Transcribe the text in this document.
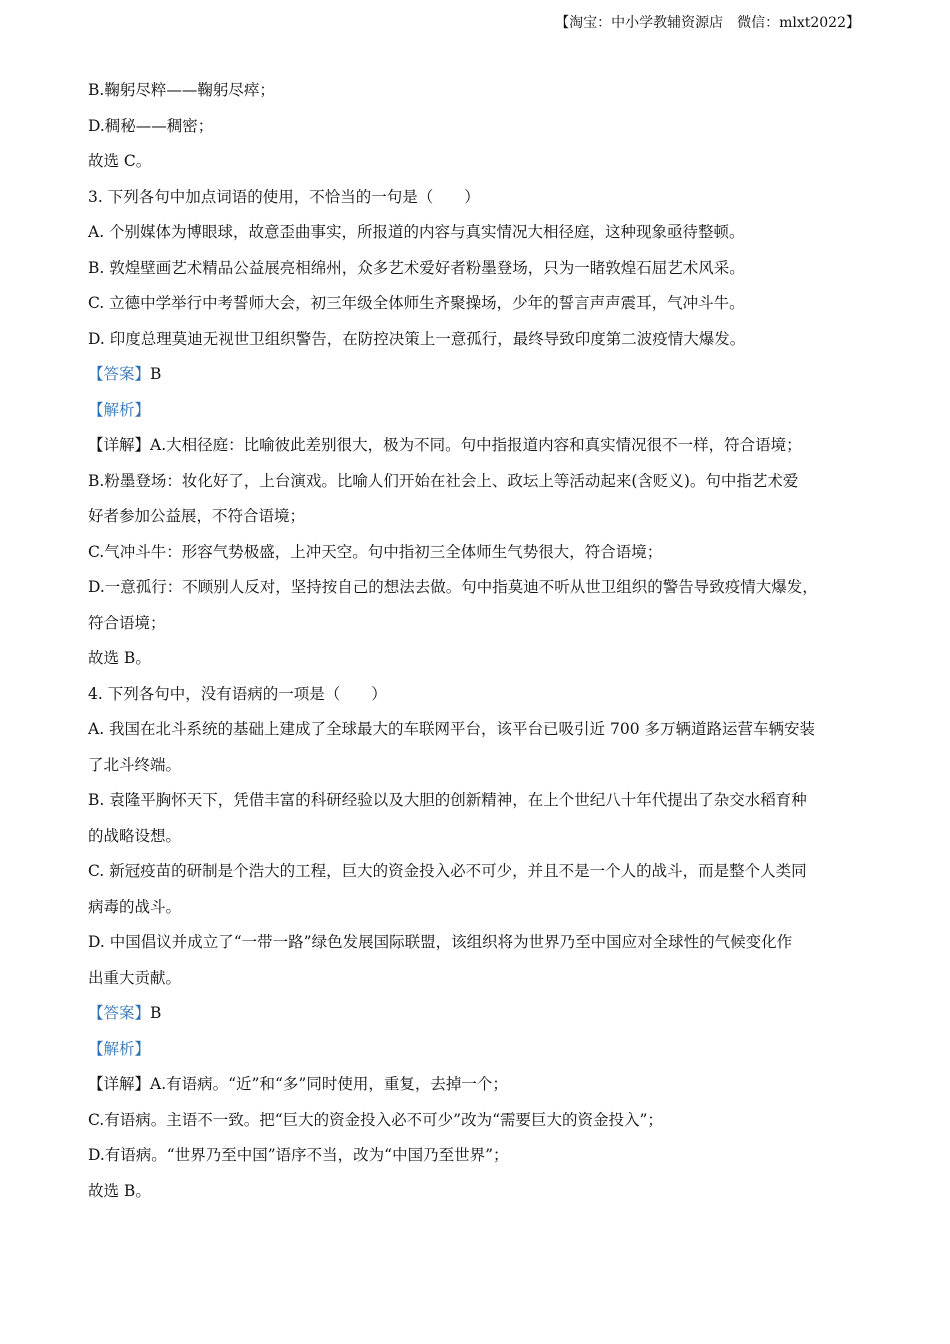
【淘宝：中小学教辅资源店　微信：mlxt2022】
B.鞠躬尽粹——鞠躬尽瘁；
D.稠秘——稠密；
故选 C。
3. 下列各句中加点词语的使用，不恰当的一句是（　　）
A. 个别媒体为博眼球，故意歪曲事实，所报道的内容与真实情况大相径庭，这种现象亟待整顿。
B. 敦煌壁画艺术精品公益展亮相绵州，众多艺术爱好者粉墨登场，只为一睹敦煌石屈艺术风采。
C. 立德中学举行中考誓师大会，初三年级全体师生齐聚操场，少年的誓言声声震耳，气冲斗牛。
D. 印度总理莫迪无视世卫组织警告，在防控决策上一意孤行，最终导致印度第二波疫情大爆发。
【答案】B
【解析】
【详解】A.大相径庭：比喻彼此差别很大，极为不同。句中指报道内容和真实情况很不一样，符合语境；
B.粉墨登场：妆化好了，上台演戏。比喻人们开始在社会上、政坛上等活动起来(含贬义)。句中指艺术爱
好者参加公益展，不符合语境；
C.气冲斗牛：形容气势极盛，上冲天空。句中指初三全体师生气势很大，符合语境；
D.一意孤行：不顾别人反对，坚持按自己的想法去做。句中指莫迪不听从世卫组织的警告导致疫情大爆发，
符合语境；
故选 B。
4. 下列各句中，没有语病的一项是（　　）
A. 我国在北斗系统的基础上建成了全球最大的车联网平台，该平台已吸引近 700 多万辆道路运营车辆安装
了北斗终端。
B. 袁隆平胸怀天下，凭借丰富的科研经验以及大胆的创新精神，在上个世纪八十年代提出了杂交水稻育种
的战略设想。
C. 新冠疫苗的研制是个浩大的工程，巨大的资金投入必不可少，并且不是一个人的战斗，而是整个人类同
病毒的战斗。
D. 中国倡议并成立了“一带一路”绿色发展国际联盟，该组织将为世界乃至中国应对全球性的气候变化作
出重大贡献。
【答案】B
【解析】
【详解】A.有语病。“近”和“多”同时使用，重复，去掉一个；
C.有语病。主语不一致。把“巨大的资金投入必不可少”改为“需要巨大的资金投入”；
D.有语病。“世界乃至中国”语序不当，改为“中国乃至世界”；
故选 B。
